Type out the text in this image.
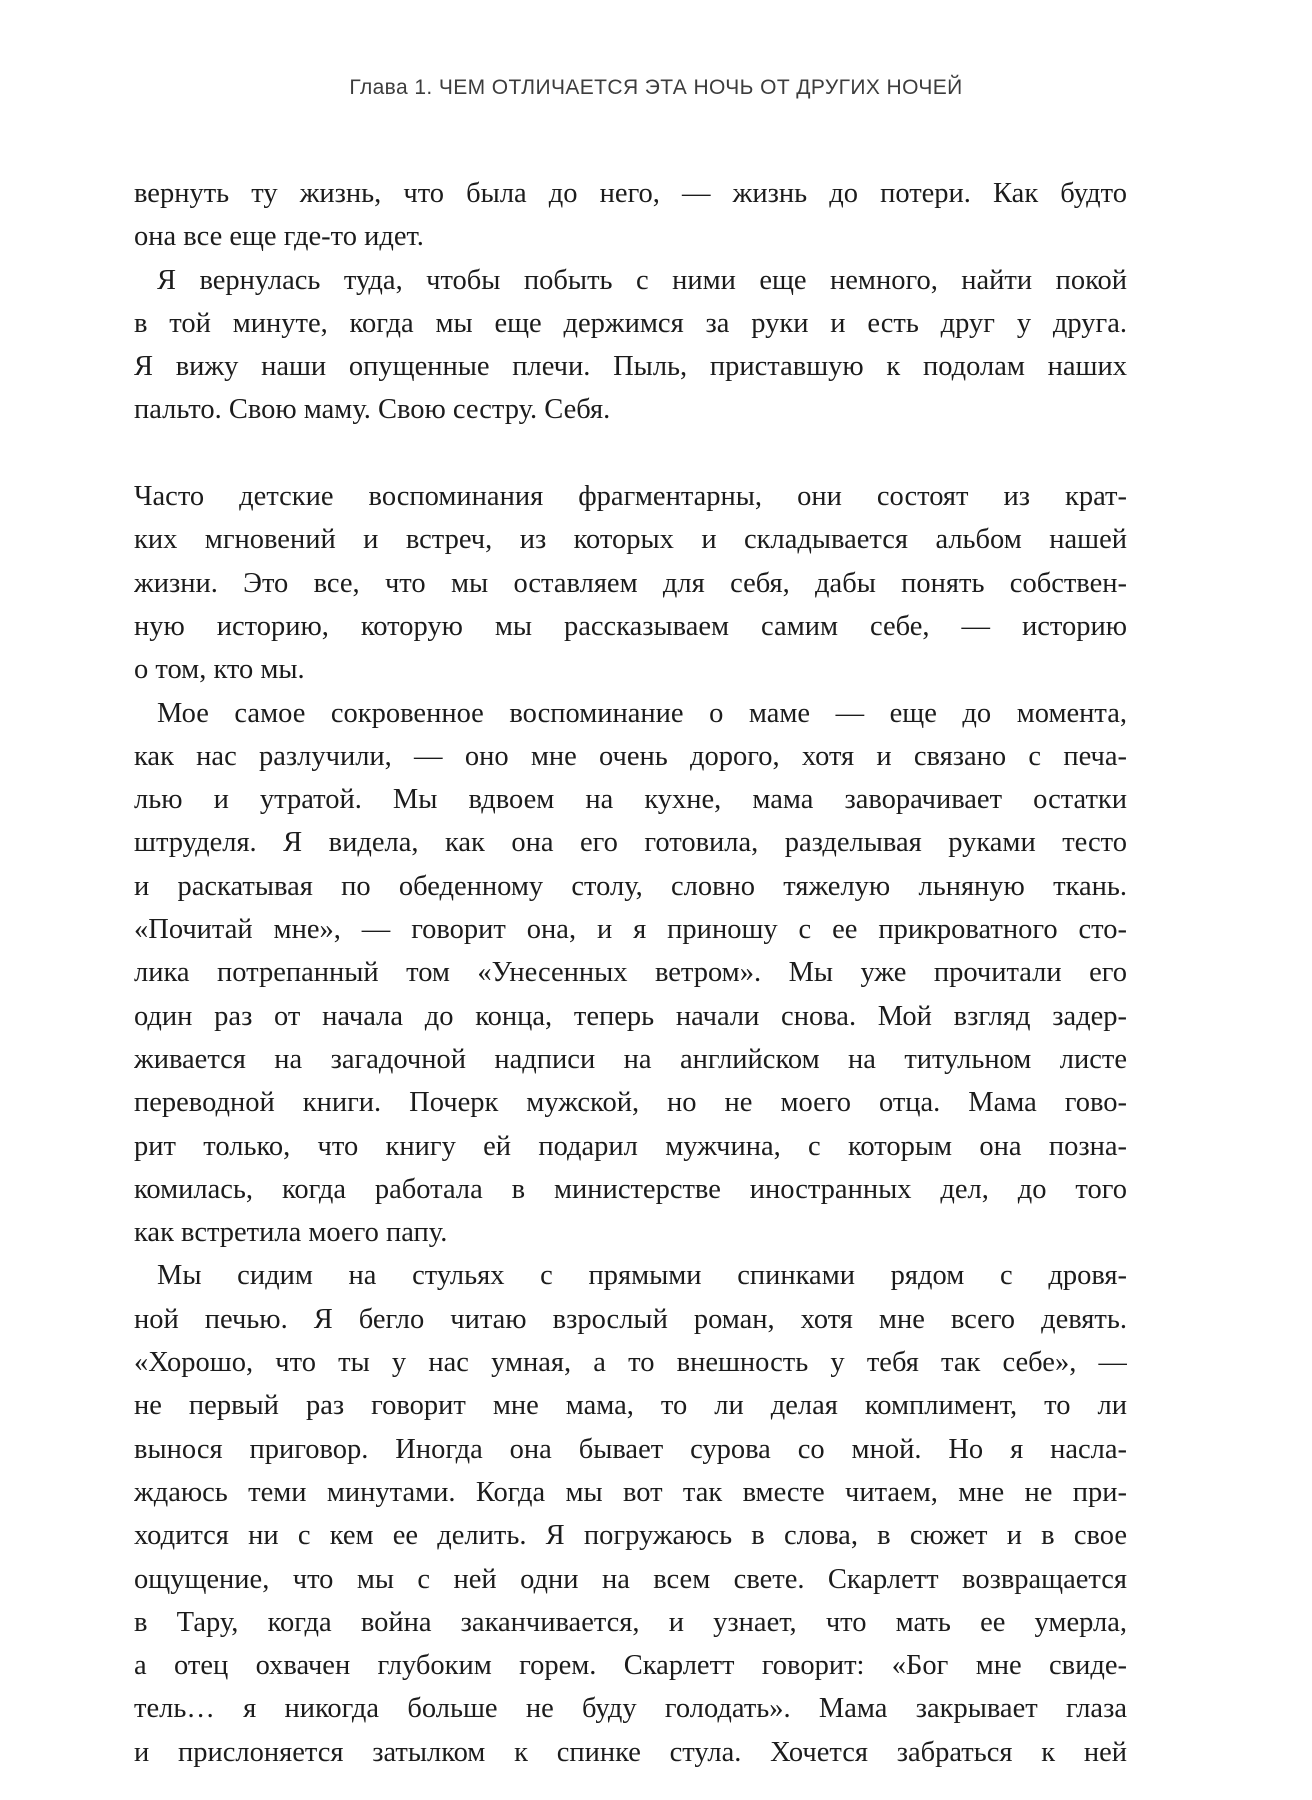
Глава 1. ЧЕМ ОТЛИЧАЕТСЯ ЭТА НОЧЬ ОТ ДРУГИХ НОЧЕЙ
вернуть ту жизнь, что была до него, — жизнь до потери. Как будто
она все еще где-то идет.
Я вернулась туда, чтобы побыть с ними еще немного, найти покой
в той минуте, когда мы еще держимся за руки и есть друг у друга.
Я вижу наши опущенные плечи. Пыль, приставшую к подолам наших
пальто. Свою маму. Свою сестру. Себя.
Часто детские воспоминания фрагментарны, они состоят из крат-
ких мгновений и встреч, из которых и складывается альбом нашей
жизни. Это все, что мы оставляем для себя, дабы понять собствен-
ную историю, которую мы рассказываем самим себе, — историю
о том, кто мы.
Мое самое сокровенное воспоминание о маме — еще до момента,
как нас разлучили, — оно мне очень дорого, хотя и связано с печа-
лью и утратой. Мы вдвоем на кухне, мама заворачивает остатки
штруделя. Я видела, как она его готовила, разделывая руками тесто
и раскатывая по обеденному столу, словно тяжелую льняную ткань.
«Почитай мне», — говорит она, и я приношу с ее прикроватного сто-
лика потрепанный том «Унесенных ветром». Мы уже прочитали его
один раз от начала до конца, теперь начали снова. Мой взгляд задер-
живается на загадочной надписи на английском на титульном листе
переводной книги. Почерк мужской, но не моего отца. Мама гово-
рит только, что книгу ей подарил мужчина, с которым она позна-
комилась, когда работала в министерстве иностранных дел, до того
как встретила моего папу.
Мы сидим на стульях с прямыми спинками рядом с дровя-
ной печью. Я бегло читаю взрослый роман, хотя мне всего девять.
«Хорошо, что ты у нас умная, а то внешность у тебя так себе», —
не первый раз говорит мне мама, то ли делая комплимент, то ли
вынося приговор. Иногда она бывает сурова со мной. Но я насла-
ждаюсь теми минутами. Когда мы вот так вместе читаем, мне не при-
ходится ни с кем ее делить. Я погружаюсь в слова, в сюжет и в свое
ощущение, что мы с ней одни на всем свете. Скарлетт возвращается
в Тару, когда война заканчивается, и узнает, что мать ее умерла,
а отец охвачен глубоким горем. Скарлетт говорит: «Бог мне свиде-
тель… я никогда больше не буду голодать». Мама закрывает глаза
и прислоняется затылком к спинке стула. Хочется забраться к ней
